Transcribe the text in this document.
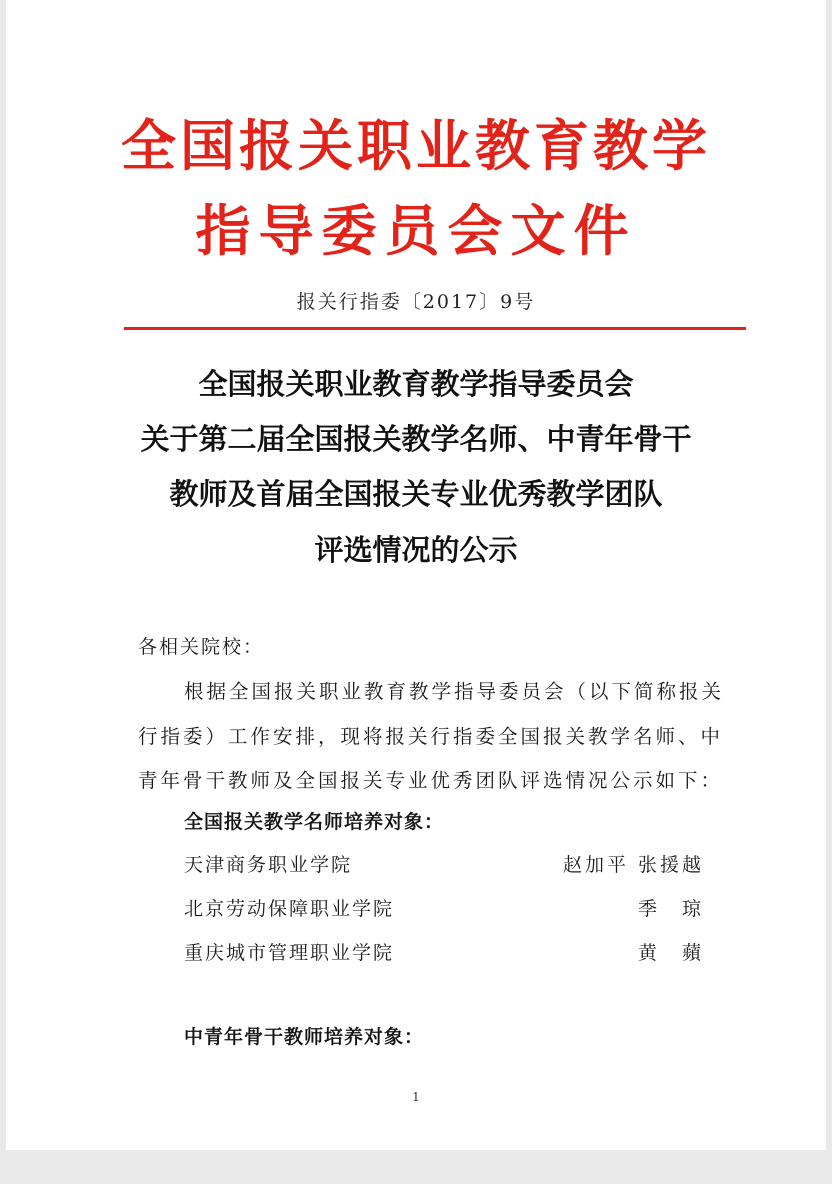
全国报关职业教育教学
指导委员会文件
报关行指委〔2017〕9号
全国报关职业教育教学指导委员会
关于第二届全国报关教学名师、中青年骨干
教师及首届全国报关专业优秀教学团队
评选情况的公示
各相关院校：
根据全国报关职业教育教学指导委员会（以下简称报关
行指委）工作安排，现将报关行指委全国报关教学名师、中
青年骨干教师及全国报关专业优秀团队评选情况公示如下：
全国报关教学名师培养对象：
天津商务职业学院	赵加平 张援越
北京劳动保障职业学院	季　琼
重庆城市管理职业学院	黄　蘋
中青年骨干教师培养对象：
1
